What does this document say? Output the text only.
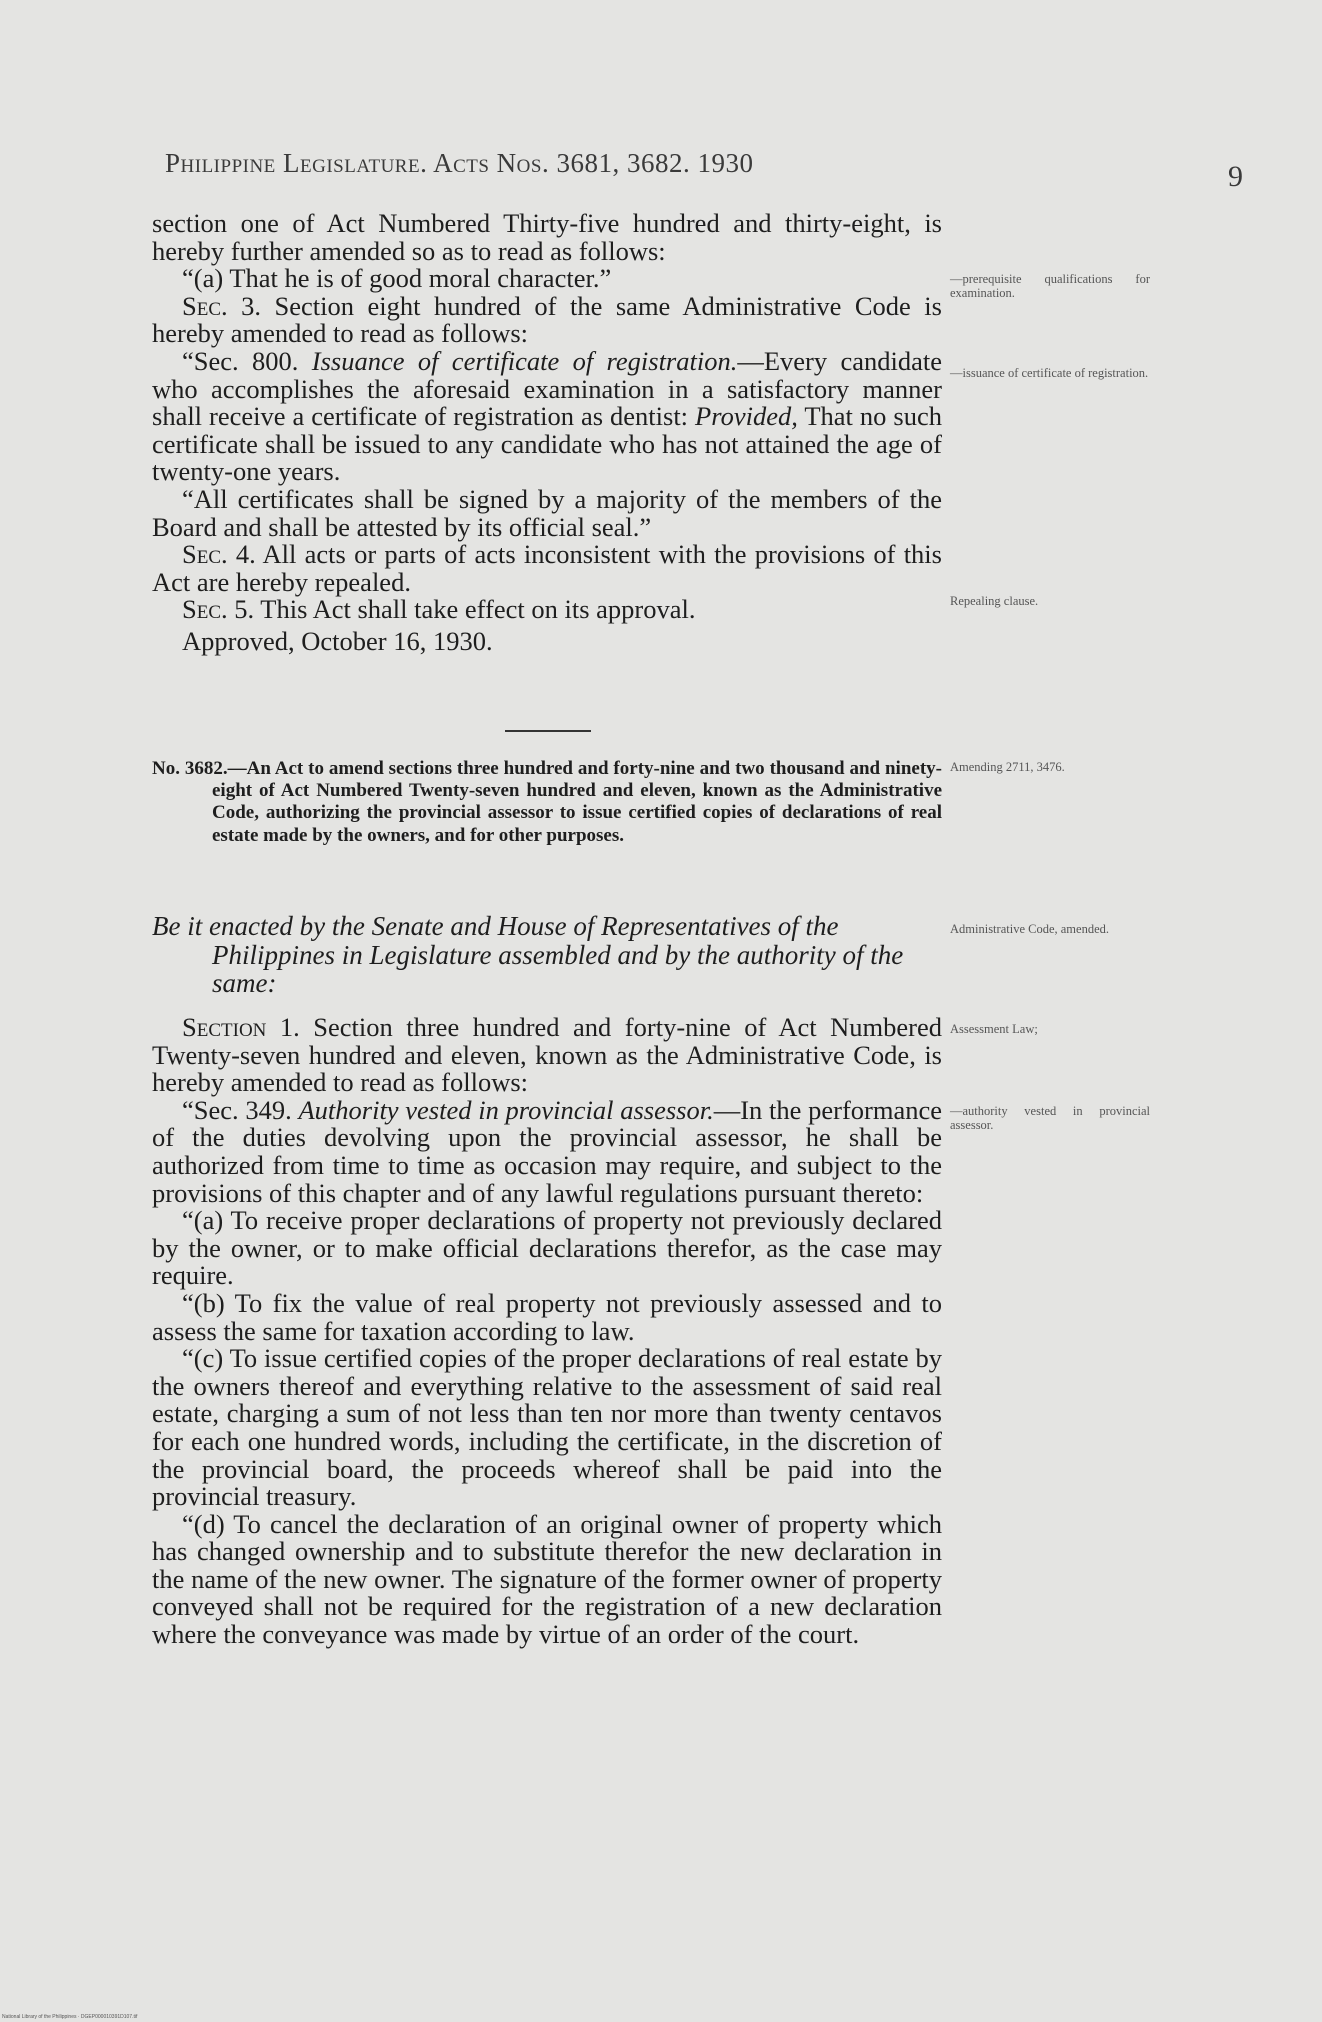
Philippine Legislature. Acts Nos. 3681, 3682. 1930	9

section one of Act Numbered Thirty-five hundred and thirty-eight, is hereby further amended so as to read as follows:

“(a) That he is of good moral character.”

Sec. 3. Section eight hundred of the same Administrative Code is hereby amended to read as follows:

“Sec. 800. Issuance of certificate of registration.—Every candidate who accomplishes the aforesaid examination in a satisfactory manner shall receive a certificate of registration as dentist: Provided, That no such certificate shall be issued to any candidate who has not attained the age of twenty-one years.

“All certificates shall be signed by a majority of the members of the Board and shall be attested by its official seal.”

Sec. 4. All acts or parts of acts inconsistent with the provisions of this Act are hereby repealed.

Sec. 5. This Act shall take effect on its approval.

Approved, October 16, 1930.

No. 3682.—An Act to amend sections three hundred and forty-nine and two thousand and ninety-eight of Act Numbered Twenty-seven hundred and eleven, known as the Administrative Code, authorizing the provincial assessor to issue certified copies of declarations of real estate made by the owners, and for other purposes.
Be it enacted by the Senate and House of Representatives of the Philippines in Legislature assembled and by the authority of the same:

Section 1. Section three hundred and forty-nine of Act Numbered Twenty-seven hundred and eleven, known as the Administrative Code, is hereby amended to read as follows:

“Sec. 349. Authority vested in provincial assessor.—In the performance of the duties devolving upon the provincial assessor, he shall be authorized from time to time as occasion may require, and subject to the provisions of this chapter and of any lawful regulations pursuant thereto:

“(a) To receive proper declarations of property not previously declared by the owner, or to make official declarations therefor, as the case may require.

“(b) To fix the value of real property not previously assessed and to assess the same for taxation according to law.

“(c) To issue certified copies of the proper declarations of real estate by the owners thereof and everything relative to the assessment of said real estate, charging a sum of not less than ten nor more than twenty centavos for each one hundred words, including the certificate, in the discretion of the provincial board, the proceeds whereof shall be paid into the provincial treasury.

“(d) To cancel the declaration of an original owner of property which has changed ownership and to substitute therefor the new declaration in the name of the new owner. The signature of the former owner of property conveyed shall not be required for the registration of a new declaration where the conveyance was made by virtue of an order of the court.

—prerequisite qualifications for examination.
—issuance of certificate of registration.
Repealing clause.
Amending 2711, 3476.
Administrative Code, amended.
Assessment Law;
—authority vested in provincial assessor.
National Library of the Philippines · DGEP000010391D107.tif
